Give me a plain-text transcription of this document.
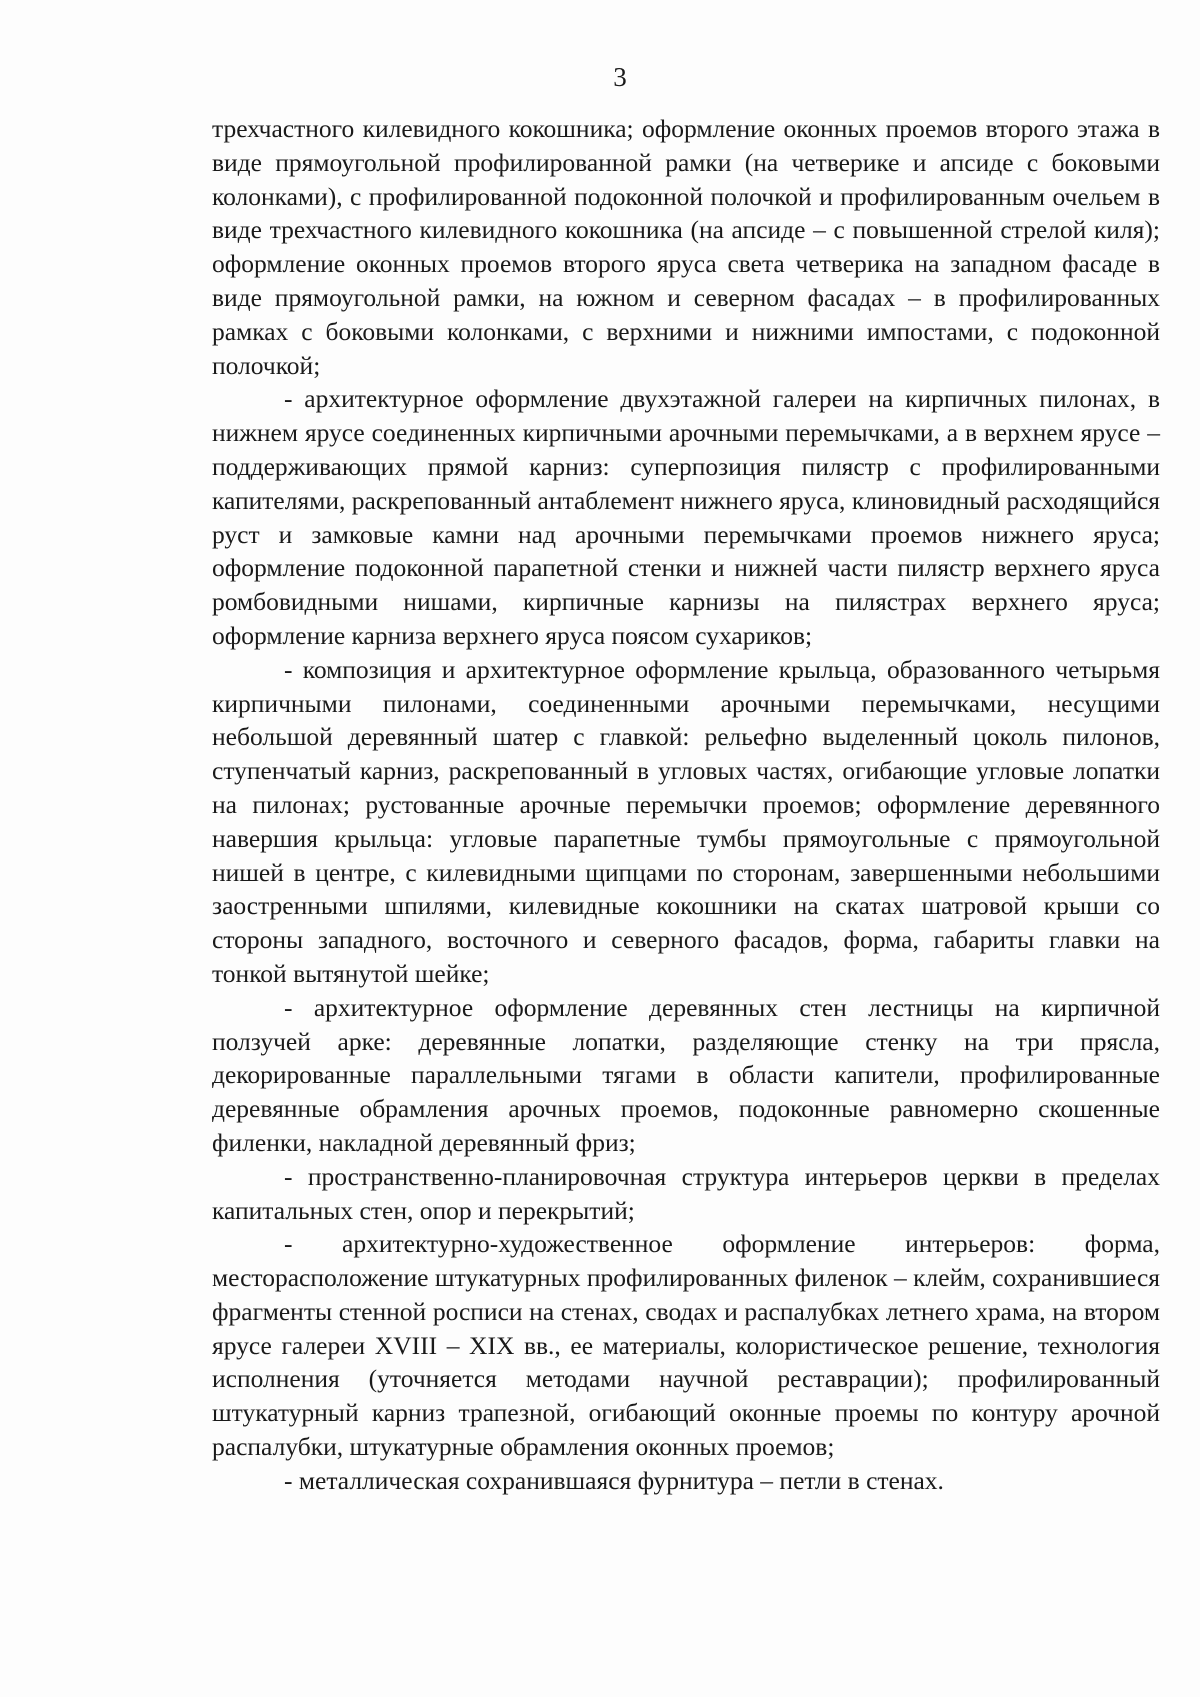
3

трехчастного килевидного кокошника; оформление оконных проемов второго этажа в виде прямоугольной профилированной рамки (на четверике и апсиде с боковыми колонками), с профилированной подоконной полочкой и профилированным очельем в виде трехчастного килевидного кокошника (на апсиде – с повышенной стрелой киля); оформление оконных проемов второго яруса света четверика на западном фасаде в виде прямоугольной рамки, на южном и северном фасадах – в профилированных рамках с боковыми колонками, с верхними и нижними импостами, с подоконной полочкой;

- архитектурное оформление двухэтажной галереи на кирпичных пилонах, в нижнем ярусе соединенных кирпичными арочными перемычками, а в верхнем ярусе – поддерживающих прямой карниз: суперпозиция пилястр с профилированными капителями, раскрепованный антаблемент нижнего яруса, клиновидный расходящийся руст и замковые камни над арочными перемычками проемов нижнего яруса; оформление подоконной парапетной стенки и нижней части пилястр верхнего яруса ромбовидными нишами, кирпичные карнизы на пилястрах верхнего яруса; оформление карниза верхнего яруса поясом сухариков;

- композиция и архитектурное оформление крыльца, образованного четырьмя кирпичными пилонами, соединенными арочными перемычками, несущими небольшой деревянный шатер с главкой: рельефно выделенный цоколь пилонов, ступенчатый карниз, раскрепованный в угловых частях, огибающие угловые лопатки на пилонах; рустованные арочные перемычки проемов; оформление деревянного навершия крыльца: угловые парапетные тумбы прямоугольные с прямоугольной нишей в центре, с килевидными щипцами по сторонам, завершенными небольшими заостренными шпилями, килевидные кокошники на скатах шатровой крыши со стороны западного, восточного и северного фасадов, форма, габариты главки на тонкой вытянутой шейке;

- архитектурное оформление деревянных стен лестницы на кирпичной ползучей арке: деревянные лопатки, разделяющие стенку на три прясла, декорированные параллельными тягами в области капители, профилированные деревянные обрамления арочных проемов, подоконные равномерно скошенные филенки, накладной деревянный фриз;

- пространственно-планировочная структура интерьеров церкви в пределах капитальных стен, опор и перекрытий;

- архитектурно-художественное оформление интерьеров: форма, месторасположение штукатурных профилированных филенок – клейм, сохранившиеся фрагменты стенной росписи на стенах, сводах и распалубках летнего храма, на втором ярусе галереи XVIII – XIX вв., ее материалы, колористическое решение, технология исполнения (уточняется методами научной реставрации); профилированный штукатурный карниз трапезной, огибающий оконные проемы по контуру арочной распалубки, штукатурные обрамления оконных проемов;

- металлическая сохранившаяся фурнитура – петли в стенах.
